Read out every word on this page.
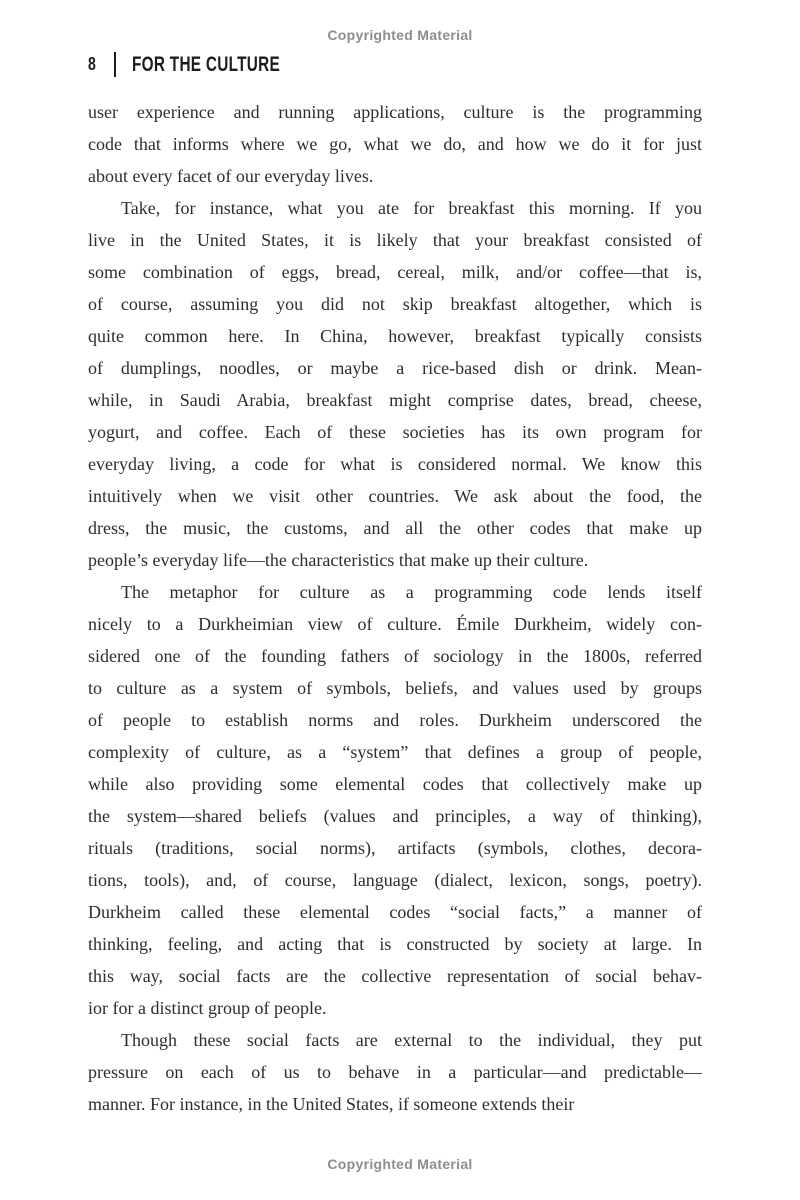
Copyrighted Material
8 FOR THE CULTURE
user experience and running applications, culture is the programming
code that informs where we go, what we do, and how we do it for just
about every facet of our everyday lives.
Take, for instance, what you ate for breakfast this morning. If you
live in the United States, it is likely that your breakfast consisted of
some combination of eggs, bread, cereal, milk, and/or coffee—that is,
of course, assuming you did not skip breakfast altogether, which is
quite common here. In China, however, breakfast typically consists
of dumplings, noodles, or maybe a rice-based dish or drink. Mean-
while, in Saudi Arabia, breakfast might comprise dates, bread, cheese,
yogurt, and coffee. Each of these societies has its own program for
everyday living, a code for what is considered normal. We know this
intuitively when we visit other countries. We ask about the food, the
dress, the music, the customs, and all the other codes that make up
people’s everyday life—the characteristics that make up their culture.
The metaphor for culture as a programming code lends itself
nicely to a Durkheimian view of culture. Émile Durkheim, widely con-
sidered one of the founding fathers of sociology in the 1800s, referred
to culture as a system of symbols, beliefs, and values used by groups
of people to establish norms and roles. Durkheim underscored the
complexity of culture, as a “system” that defines a group of people,
while also providing some elemental codes that collectively make up
the system—shared beliefs (values and principles, a way of thinking),
rituals (traditions, social norms), artifacts (symbols, clothes, decora-
tions, tools), and, of course, language (dialect, lexicon, songs, poetry).
Durkheim called these elemental codes “social facts,” a manner of
thinking, feeling, and acting that is constructed by society at large. In
this way, social facts are the collective representation of social behav-
ior for a distinct group of people.
Though these social facts are external to the individual, they put
pressure on each of us to behave in a particular—and predictable—
manner. For instance, in the United States, if someone extends their
Copyrighted Material
